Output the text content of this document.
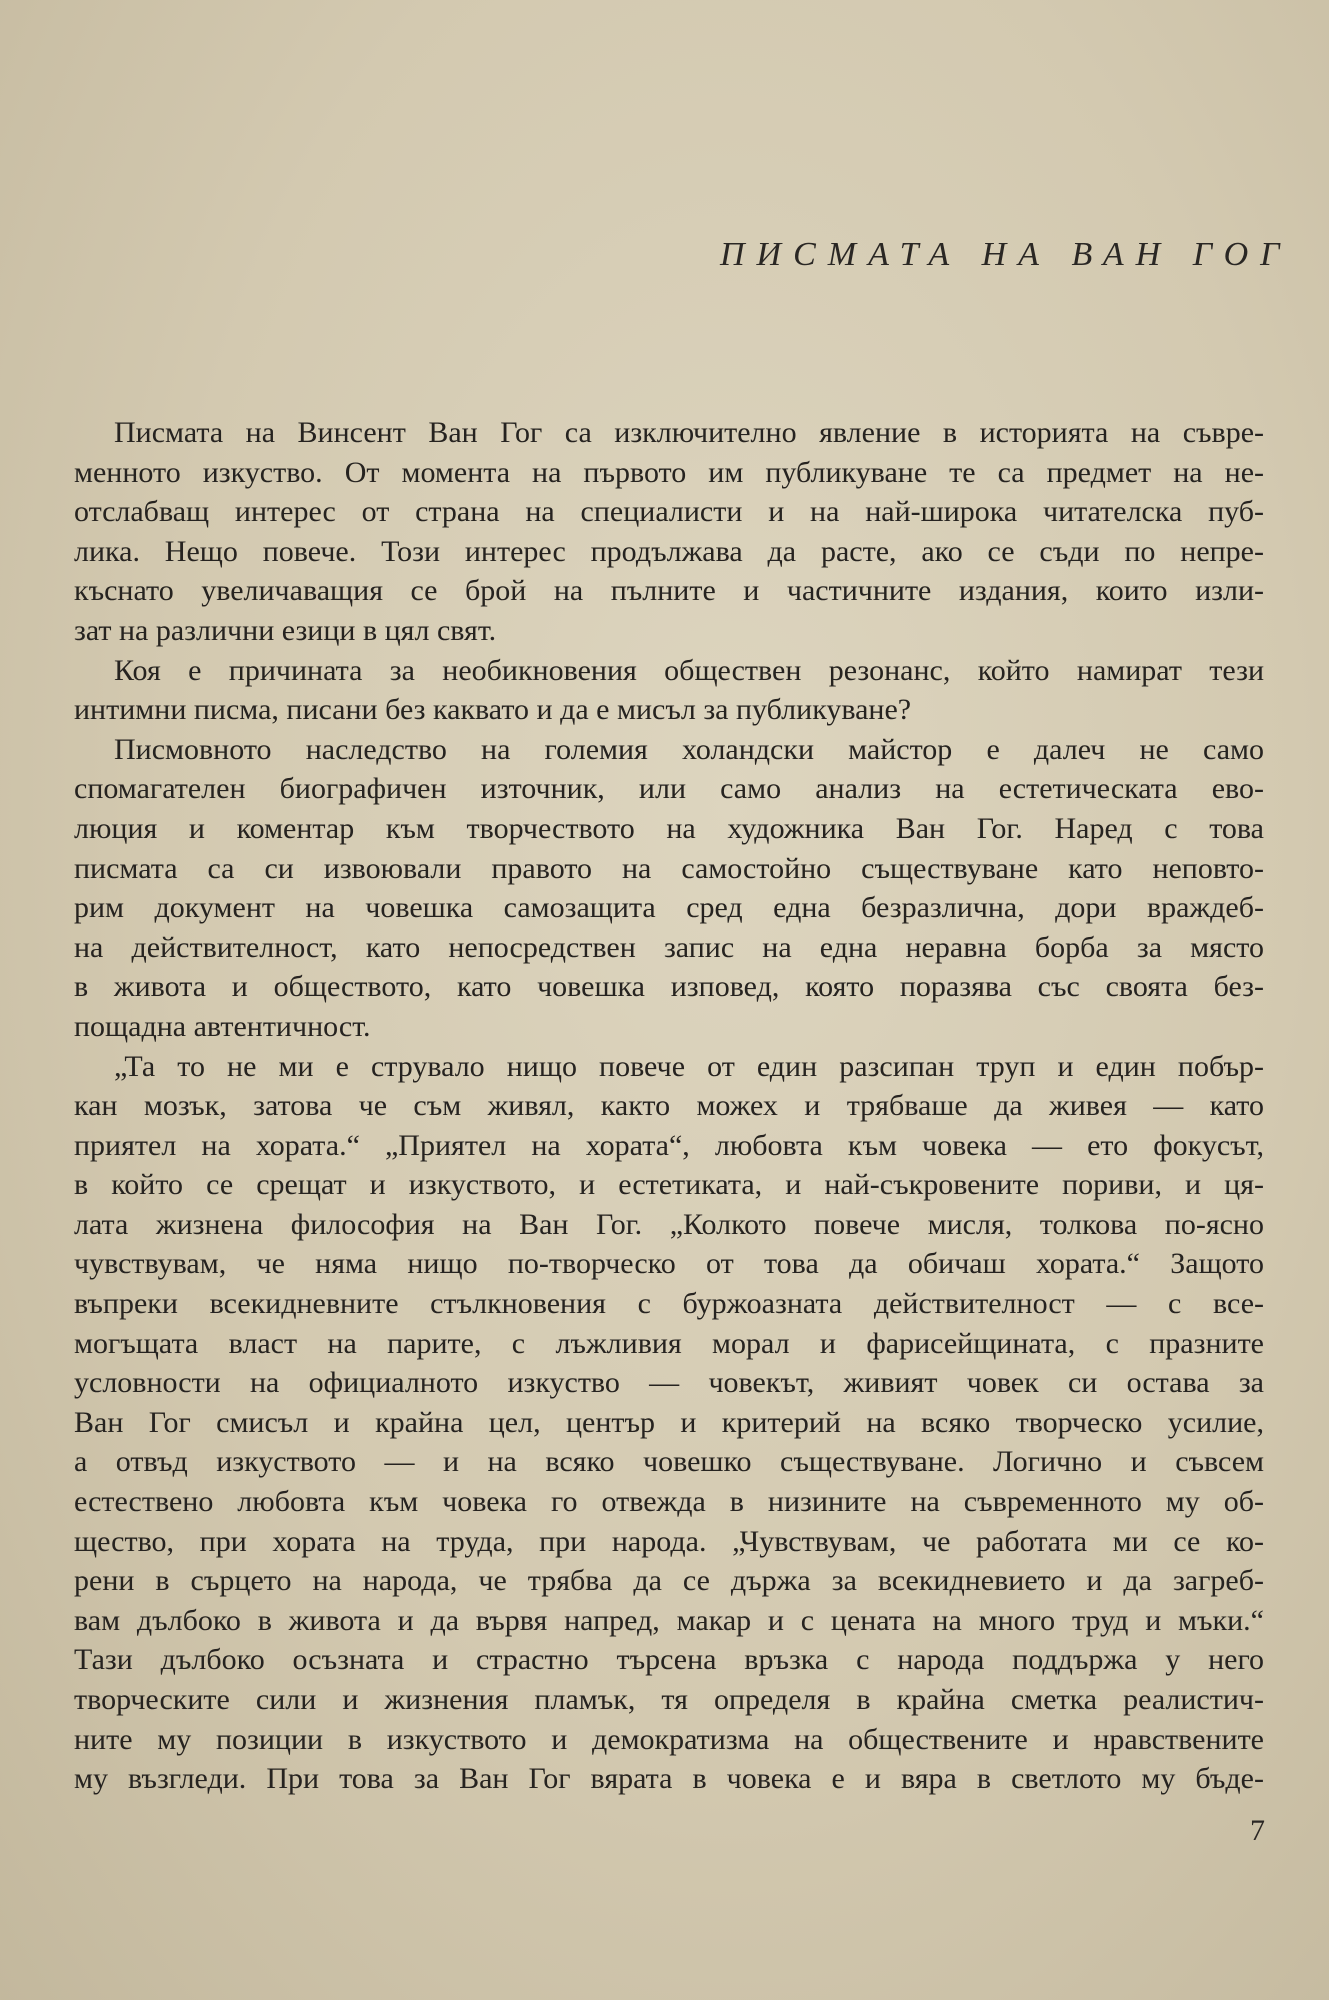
ПИСМАТА НА ВАН ГОГ
Писмата на Винсент Ван Гог са изключително явление в историята на съвре-
менното изкуство. От момента на първото им публикуване те са предмет на не-
отслабващ интерес от страна на специалисти и на най-широка читателска пуб-
лика. Нещо повече. Този интерес продължава да расте, ако се съди по непре-
къснато увеличаващия се брой на пълните и частичните издания, които изли-
зат на различни езици в цял свят.
Коя е причината за необикновения обществен резонанс, който намират тези
интимни писма, писани без каквато и да е мисъл за публикуване?
Писмовното наследство на големия холандски майстор е далеч не само
спомагателен биографичен източник, или само анализ на естетическата ево-
люция и коментар към творчеството на художника Ван Гог. Наред с това
писмата са си извоювали правото на самостойно съществуване като неповто-
рим документ на човешка самозащита сред една безразлична, дори враждеб-
на действителност, като непосредствен запис на една неравна борба за място
в живота и обществото, като човешка изповед, която поразява със своята без-
пощадна автентичност.
„Та то не ми е струвало нищо повече от един разсипан труп и един побър-
кан мозък, затова че съм живял, както можех и трябваше да живея — като
приятел на хората.“ „Приятел на хората“, любовта към човека — ето фокусът,
в който се срещат и изкуството, и естетиката, и най-съкровените пориви, и ця-
лата жизнена философия на Ван Гог. „Колкото повече мисля, толкова по-ясно
чувствувам, че няма нищо по-творческо от това да обичаш хората.“ Защото
въпреки всекидневните стълкновения с буржоазната действителност — с все-
могъщата власт на парите, с лъжливия морал и фарисейщината, с празните
условности на официалното изкуство — човекът, живият човек си остава за
Ван Гог смисъл и крайна цел, център и критерий на всяко творческо усилие,
а отвъд изкуството — и на всяко човешко съществуване. Логично и съвсем
естествено любовта към човека го отвежда в низините на съвременното му об-
щество, при хората на труда, при народа. „Чувствувам, че работата ми се ко-
рени в сърцето на народа, че трябва да се държа за всекидневието и да загреб-
вам дълбоко в живота и да вървя напред, макар и с цената на много труд и мъки.“
Тази дълбоко осъзната и страстно търсена връзка с народа поддържа у него
творческите сили и жизнения пламък, тя определя в крайна сметка реалистич-
ните му позиции в изкуството и демократизма на обществените и нравствените
му възгледи. При това за Ван Гог вярата в човека е и вяра в светлото му бъде-
7
